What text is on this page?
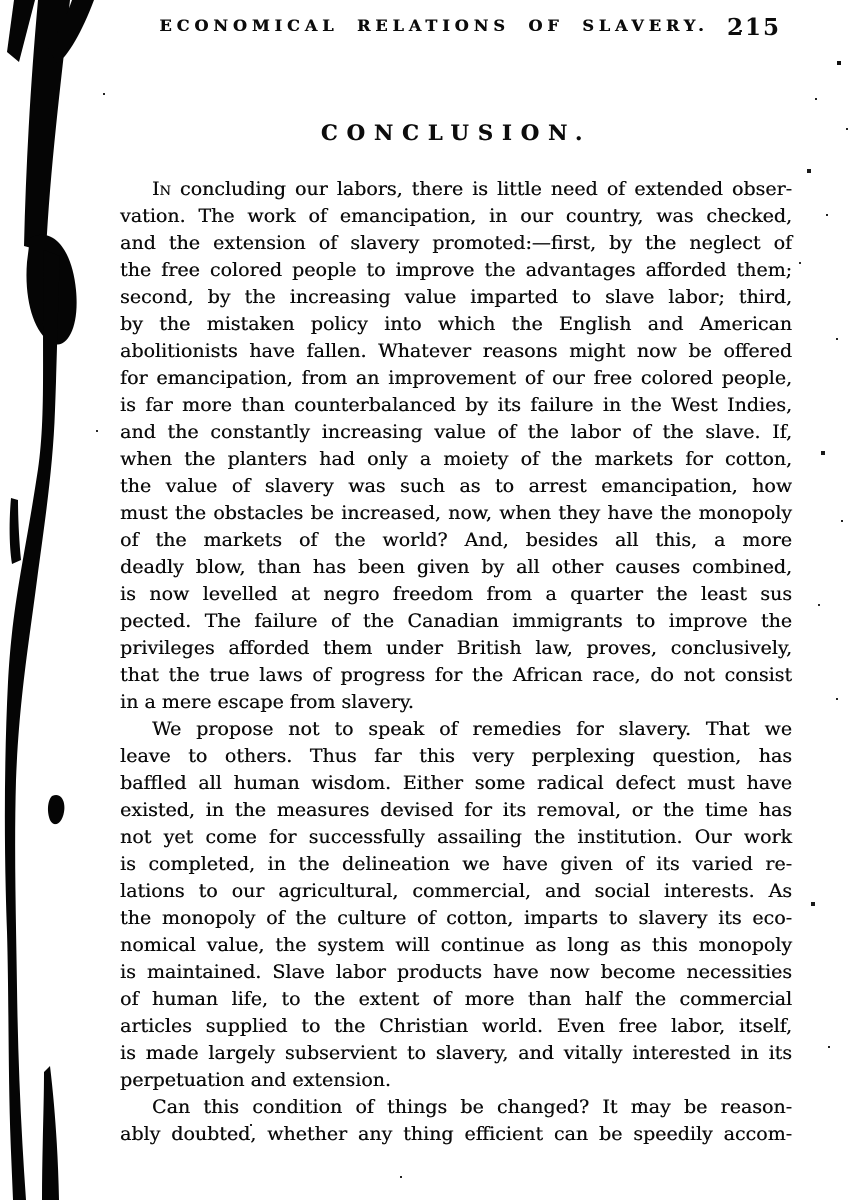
ECONOMICAL RELATIONS OF SLAVERY. 215
CONCLUSION.
In concluding our labors, there is little need of extended obser-
vation. The work of emancipation, in our country, was checked,
and the extension of slavery promoted:—first, by the neglect of
the free colored people to improve the advantages afforded them;
second, by the increasing value imparted to slave labor; third,
by the mistaken policy into which the English and American
abolitionists have fallen. Whatever reasons might now be offered
for emancipation, from an improvement of our free colored people,
is far more than counterbalanced by its failure in the West Indies,
and the constantly increasing value of the labor of the slave. If,
when the planters had only a moiety of the markets for cotton,
the value of slavery was such as to arrest emancipation, how
must the obstacles be increased, now, when they have the monopoly
of the markets of the world? And, besides all this, a more
deadly blow, than has been given by all other causes combined,
is now levelled at negro freedom from a quarter the least sus
pected. The failure of the Canadian immigrants to improve the
privileges afforded them under British law, proves, conclusively,
that the true laws of progress for the African race, do not consist
in a mere escape from slavery.
We propose not to speak of remedies for slavery. That we
leave to others. Thus far this very perplexing question, has
baffled all human wisdom. Either some radical defect must have
existed, in the measures devised for its removal, or the time has
not yet come for successfully assailing the institution. Our work
is completed, in the delineation we have given of its varied re-
lations to our agricultural, commercial, and social interests. As
the monopoly of the culture of cotton, imparts to slavery its eco-
nomical value, the system will continue as long as this monopoly
is maintained. Slave labor products have now become necessities
of human life, to the extent of more than half the commercial
articles supplied to the Christian world. Even free labor, itself,
is made largely subservient to slavery, and vitally interested in its
perpetuation and extension.
Can this condition of things be changed? It may be reason-
ably doubted, whether any thing efficient can be speedily accom-
